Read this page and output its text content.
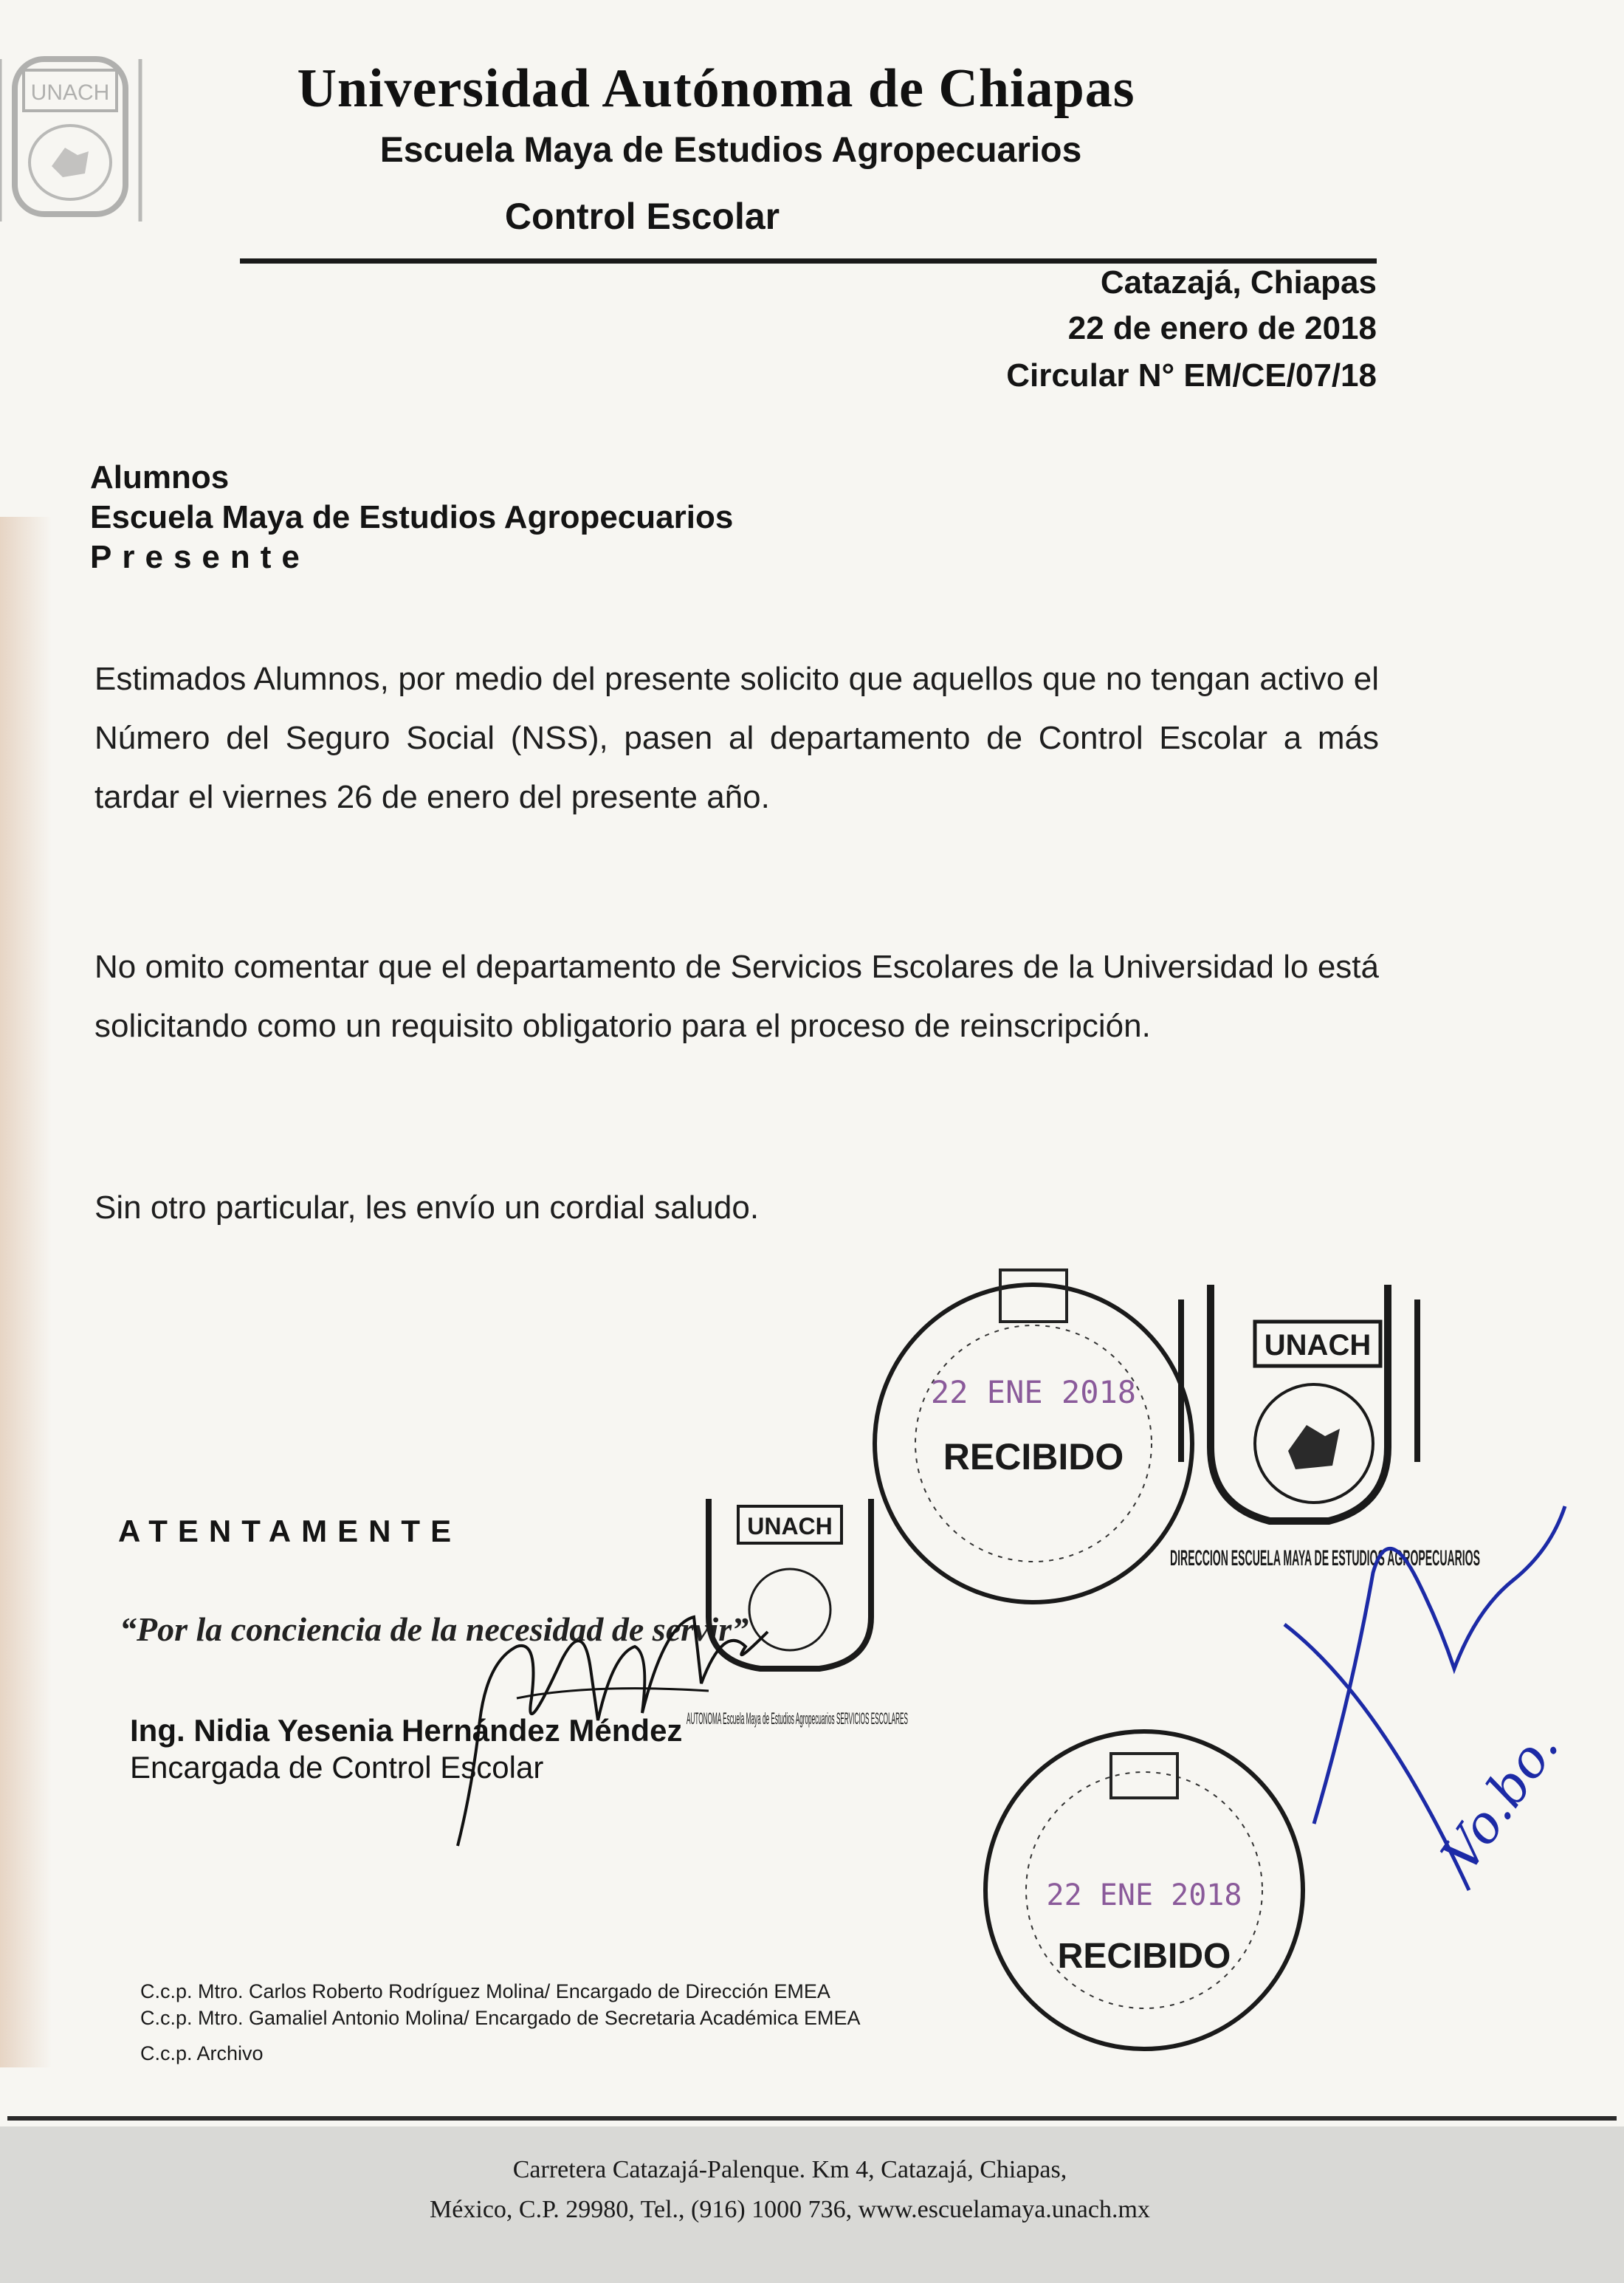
UNACH	Universidad Autónoma de Chiapas
Escuela Maya de Estudios Agropecuarios
Control Escolar
Catazajá, Chiapas
22 de enero de 2018
Circular N° EM/CE/07/18
Alumnos
Escuela Maya de Estudios Agropecuarios
Presente
Estimados Alumnos, por medio del presente solicito que aquellos que no tengan activo el Número del Seguro Social (NSS), pasen al departamento de Control Escolar a más tardar el viernes 26 de enero del presente año.
No omito comentar que el departamento de Servicios Escolares de la Universidad lo está solicitando como un requisito obligatorio para el proceso de reinscripción.
Sin otro particular, les envío un cordial saludo.
ATENTAMENTE
“Por la conciencia de la necesidad de servir”
Ing. Nidia Yesenia Hernández Méndez
Encargada de Control Escolar
C.c.p. Mtro. Carlos Roberto Rodríguez Molina/ Encargado de Dirección EMEA
C.c.p. Mtro. Gamaliel Antonio Molina/ Encargado de Secretaria Académica EMEA
C.c.p. Archivo
Carretera Catazajá-Palenque. Km 4, Catazajá, Chiapas,
México, C.P. 29980, Tel., (916) 1000 736, www.escuelamaya.unach.mx
22 ENE 2018
RECIBIDO
UNACH
DIRECCION ESCUELA MAYA DE ESTUDIOS AGROPECUARIOS
UNACH
AUTONOMA Escuela Maya de Estudios Agropecuarios SERVICIOS ESCOLARES
22 ENE 2018
RECIBIDO
Vo.bo.
